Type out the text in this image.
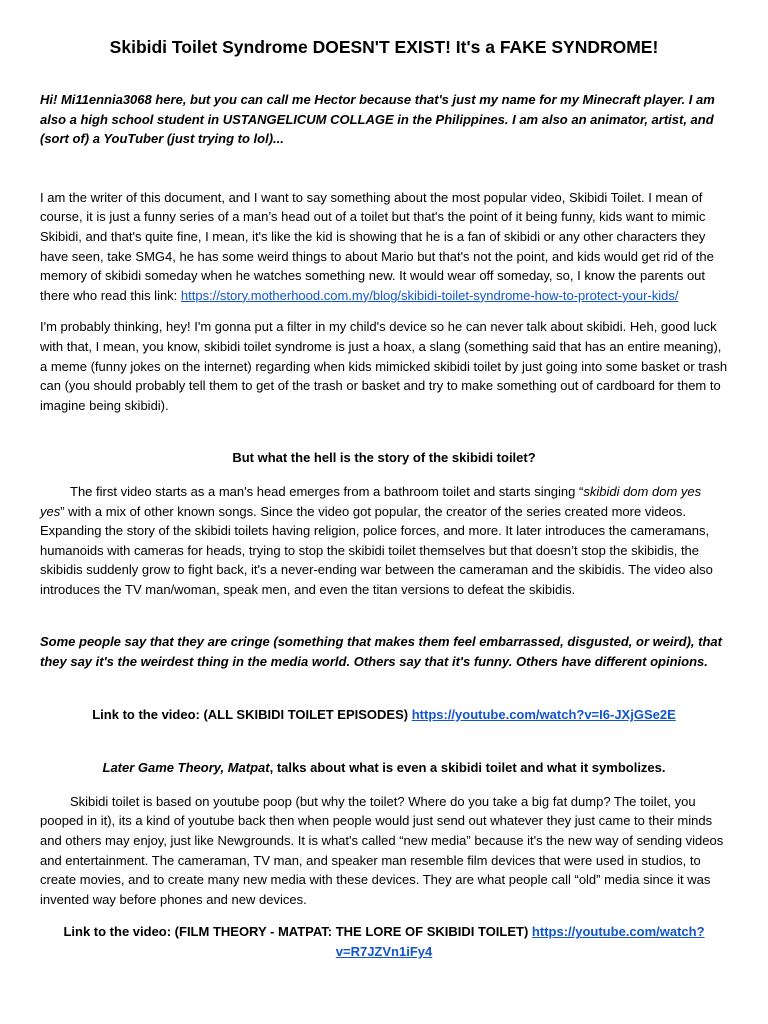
Skibidi Toilet Syndrome DOESN'T EXIST! It's a FAKE SYNDROME!

Hi! Mi11ennia3068 here, but you can call me Hector because that's just my name for my Minecraft player. I am also a high school student in USTANGELICUM COLLAGE in the Philippines. I am also an animator, artist, and (sort of) a YouTuber (just trying to lol)...

I am the writer of this document, and I want to say something about the most popular video, Skibidi Toilet. I mean of course, it is just a funny series of a man’s head out of a toilet but that's the point of it being funny, kids want to mimic Skibidi, and that's quite fine, I mean, it's like the kid is showing that he is a fan of skibidi or any other characters they have seen, take SMG4, he has some weird things to about Mario but that's not the point, and kids would get rid of the memory of skibidi someday when he watches something new. It would wear off someday, so, I know the parents out there who read this link: https://story.motherhood.com.my/blog/skibidi-toilet-syndrome-how-to-protect-your-kids/

I'm probably thinking, hey! I'm gonna put a filter in my child's device so he can never talk about skibidi. Heh, good luck with that, I mean, you know, skibidi toilet syndrome is just a hoax, a slang (something said that has an entire meaning), a meme (funny jokes on the internet) regarding when kids mimicked skibidi toilet by just going into some basket or trash can (you should probably tell them to get of the trash or basket and try to make something out of cardboard for them to imagine being skibidi).

But what the hell is the story of the skibidi toilet?

The first video starts as a man's head emerges from a bathroom toilet and starts singing “skibidi dom dom yes yes” with a mix of other known songs. Since the video got popular, the creator of the series created more videos. Expanding the story of the skibidi toilets having religion, police forces, and more. It later introduces the cameramans, humanoids with cameras for heads, trying to stop the skibidi toilet themselves but that doesn’t stop the skibidis, the skibidis suddenly grow to fight back, it's a never-ending war between the cameraman and the skibidis. The video also introduces the TV man/woman, speak men, and even the titan versions to defeat the skibidis.

Some people say that they are cringe (something that makes them feel embarrassed, disgusted, or weird), that they say it's the weirdest thing in the media world. Others say that it's funny. Others have different opinions.

Link to the video: (ALL SKIBIDI TOILET EPISODES) https://youtube.com/watch?v=I6-JXjGSe2E

Later Game Theory, Matpat, talks about what is even a skibidi toilet and what it symbolizes.

Skibidi toilet is based on youtube poop (but why the toilet? Where do you take a big fat dump? The toilet, you pooped in it), its a kind of youtube back then when people would just send out whatever they just came to their minds and others may enjoy, just like Newgrounds. It is what's called “new media” because it's the new way of sending videos and entertainment. The cameraman, TV man, and speaker man resemble film devices that were used in studios, to create movies, and to create many new media with these devices. They are what people call “old” media since it was invented way before phones and new devices.

Link to the video: (FILM THEORY - MATPAT: THE LORE OF SKIBIDI TOILET) https://youtube.com/watch?
v=R7JZVn1iFy4
